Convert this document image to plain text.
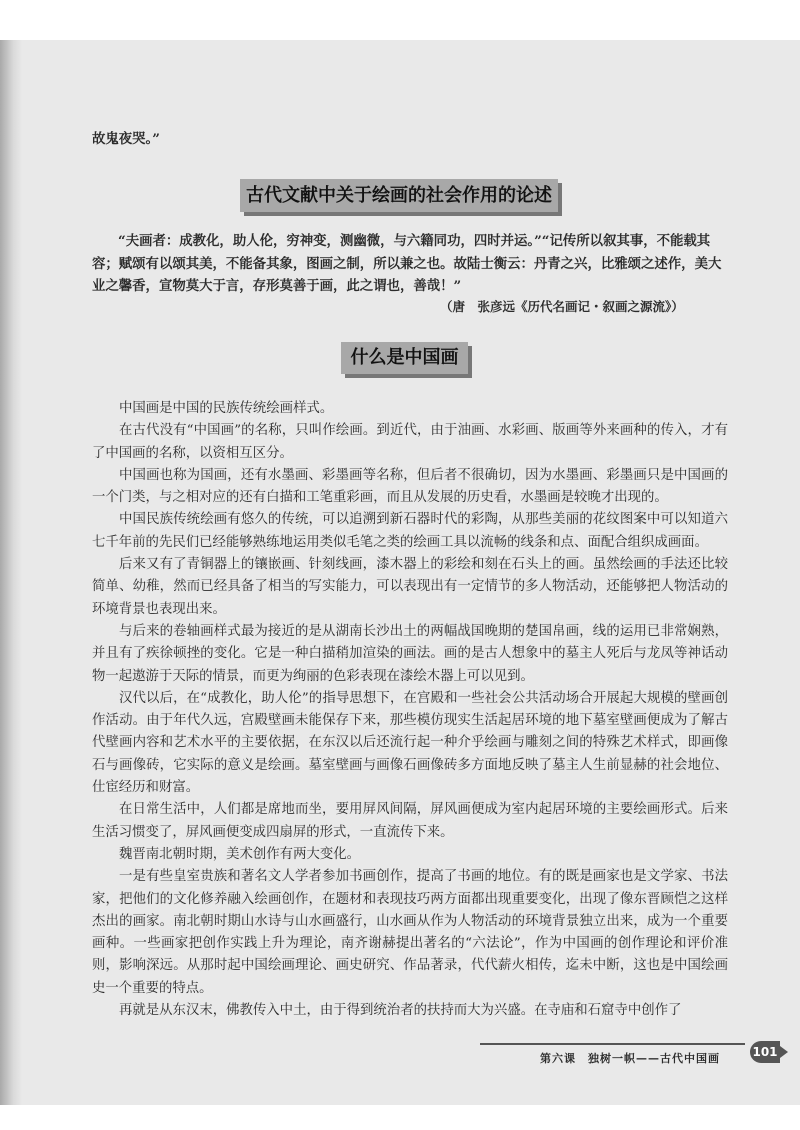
故鬼夜哭。”
古代文献中关于绘画的社会作用的论述
“夫画者：成教化，助人伦，穷神变，测幽微，与六籍同功，四时并运。”“记传所以叙其事，不能载其容；赋颂有以颂其美，不能备其象，图画之制，所以兼之也。故陆士衡云：丹青之兴，比雅颂之述作，美大业之馨香，宣物莫大于言，存形莫善于画，此之谓也，善哉！”
（唐　张彦远《历代名画记・叙画之源流》）
什么是中国画

中国画是中国的民族传统绘画样式。

在古代没有“中国画”的名称，只叫作绘画。到近代，由于油画、水彩画、版画等外来画种的传入，才有了中国画的名称，以资相互区分。

中国画也称为国画，还有水墨画、彩墨画等名称，但后者不很确切，因为水墨画、彩墨画只是中国画的一个门类，与之相对应的还有白描和工笔重彩画，而且从发展的历史看，水墨画是较晚才出现的。

中国民族传统绘画有悠久的传统，可以追溯到新石器时代的彩陶，从那些美丽的花纹图案中可以知道六七千年前的先民们已经能够熟练地运用类似毛笔之类的绘画工具以流畅的线条和点、面配合组织成画面。

后来又有了青铜器上的镶嵌画、针刻线画，漆木器上的彩绘和刻在石头上的画。虽然绘画的手法还比较简单、幼稚，然而已经具备了相当的写实能力，可以表现出有一定情节的多人物活动，还能够把人物活动的环境背景也表现出来。

与后来的卷轴画样式最为接近的是从湖南长沙出土的两幅战国晚期的楚国帛画，线的运用已非常娴熟，并且有了疾徐顿挫的变化。它是一种白描稍加渲染的画法。画的是古人想象中的墓主人死后与龙凤等神话动物一起遨游于天际的情景，而更为绚丽的色彩表现在漆绘木器上可以见到。

汉代以后，在“成教化，助人伦”的指导思想下，在宫殿和一些社会公共活动场合开展起大规模的壁画创作活动。由于年代久远，宫殿壁画未能保存下来，那些模仿现实生活起居环境的地下墓室壁画便成为了解古代壁画内容和艺术水平的主要依据，在东汉以后还流行起一种介乎绘画与雕刻之间的特殊艺术样式，即画像石与画像砖，它实际的意义是绘画。墓室壁画与画像石画像砖多方面地反映了墓主人生前显赫的社会地位、仕宦经历和财富。

在日常生活中，人们都是席地而坐，要用屏风间隔，屏风画便成为室内起居环境的主要绘画形式。后来生活习惯变了，屏风画便变成四扇屏的形式，一直流传下来。

魏晋南北朝时期，美术创作有两大变化。

一是有些皇室贵族和著名文人学者参加书画创作，提高了书画的地位。有的既是画家也是文学家、书法家，把他们的文化修养融入绘画创作，在题材和表现技巧两方面都出现重要变化，出现了像东晋顾恺之这样杰出的画家。南北朝时期山水诗与山水画盛行，山水画从作为人物活动的环境背景独立出来，成为一个重要画种。一些画家把创作实践上升为理论，南齐谢赫提出著名的“六法论”，作为中国画的创作理论和评价准则，影响深远。从那时起中国绘画理论、画史研究、作品著录，代代薪火相传，迄未中断，这也是中国绘画史一个重要的特点。

再就是从东汉末，佛教传入中土，由于得到统治者的扶持而大为兴盛。在寺庙和石窟寺中创作了

第六课　独树一帜——古代中国画	101
